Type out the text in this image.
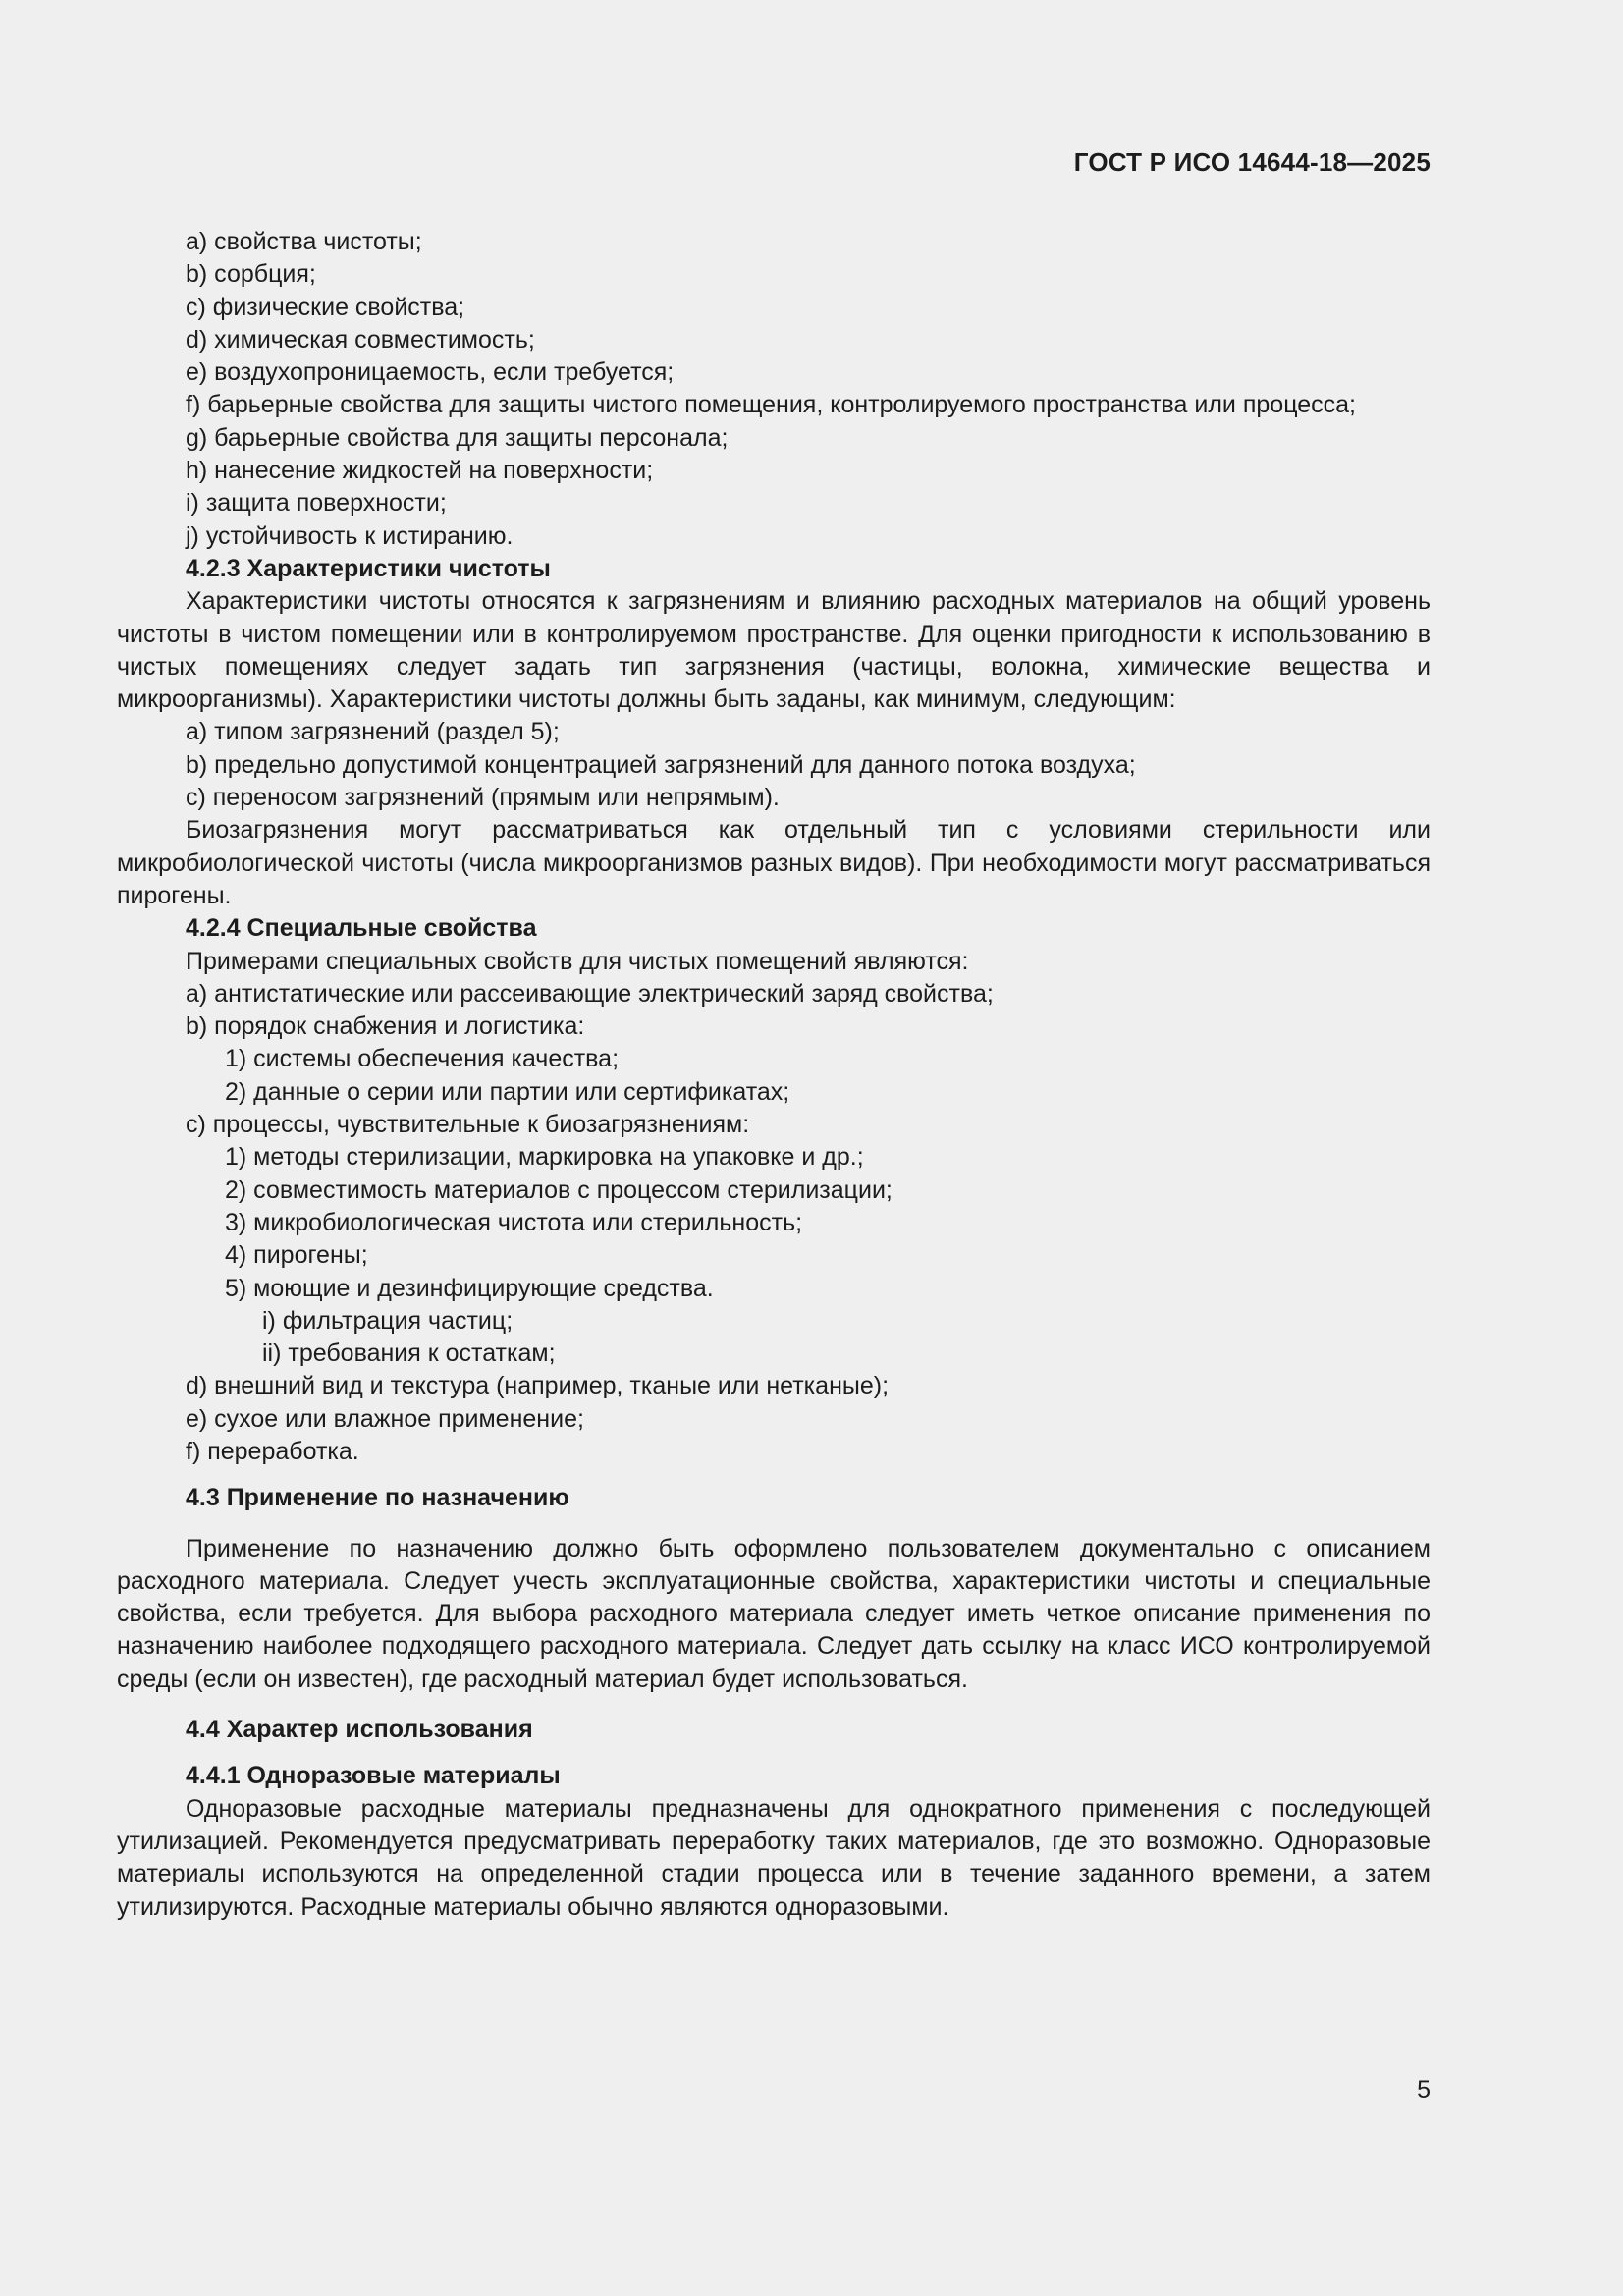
ГОСТ Р ИСО 14644-18—2025

a) свойства чистоты;

b) сорбция;

c) физические свойства;

d) химическая совместимость;

e) воздухопроницаемость, если требуется;

f) барьерные свойства для защиты чистого помещения, контролируемого пространства или процесса;

g) барьерные свойства для защиты персонала;

h) нанесение жидкостей на поверхности;

i) защита поверхности;

j) устойчивость к истиранию.

4.2.3 Характеристики чистоты

Характеристики чистоты относятся к загрязнениям и влиянию расходных материалов на общий уровень чистоты в чистом помещении или в контролируемом пространстве. Для оценки пригодности к использованию в чистых помещениях следует задать тип загрязнения (частицы, волокна, химические вещества и микроорганизмы). Характеристики чистоты должны быть заданы, как минимум, следующим:

a) типом загрязнений (раздел 5);

b) предельно допустимой концентрацией загрязнений для данного потока воздуха;

c) переносом загрязнений (прямым или непрямым).

Биозагрязнения могут рассматриваться как отдельный тип с условиями стерильности или микробиологической чистоты (числа микроорганизмов разных видов). При необходимости могут рассматриваться пирогены.

4.2.4 Специальные свойства

Примерами специальных свойств для чистых помещений являются:

a) антистатические или рассеивающие электрический заряд свойства;

b) порядок снабжения и логистика:

1) системы обеспечения качества;

2) данные о серии или партии или сертификатах;

c) процессы, чувствительные к биозагрязнениям:

1) методы стерилизации, маркировка на упаковке и др.;

2) совместимость материалов с процессом стерилизации;

3) микробиологическая чистота или стерильность;

4) пирогены;

5) моющие и дезинфицирующие средства.

i) фильтрация частиц;

ii) требования к остаткам;

d) внешний вид и текстура (например, тканые или нетканые);

e) сухое или влажное применение;

f) переработка.

4.3 Применение по назначению

Применение по назначению должно быть оформлено пользователем документально с описанием расходного материала. Следует учесть эксплуатационные свойства, характеристики чистоты и специальные свойства, если требуется. Для выбора расходного материала следует иметь четкое описание применения по назначению наиболее подходящего расходного материала. Следует дать ссылку на класс ИСО контролируемой среды (если он известен), где расходный материал будет использоваться.

4.4 Характер использования

4.4.1 Одноразовые материалы

Одноразовые расходные материалы предназначены для однократного применения с последующей утилизацией. Рекомендуется предусматривать переработку таких материалов, где это возможно. Одноразовые материалы используются на определенной стадии процесса или в течение заданного времени, а затем утилизируются. Расходные материалы обычно являются одноразовыми.

5
